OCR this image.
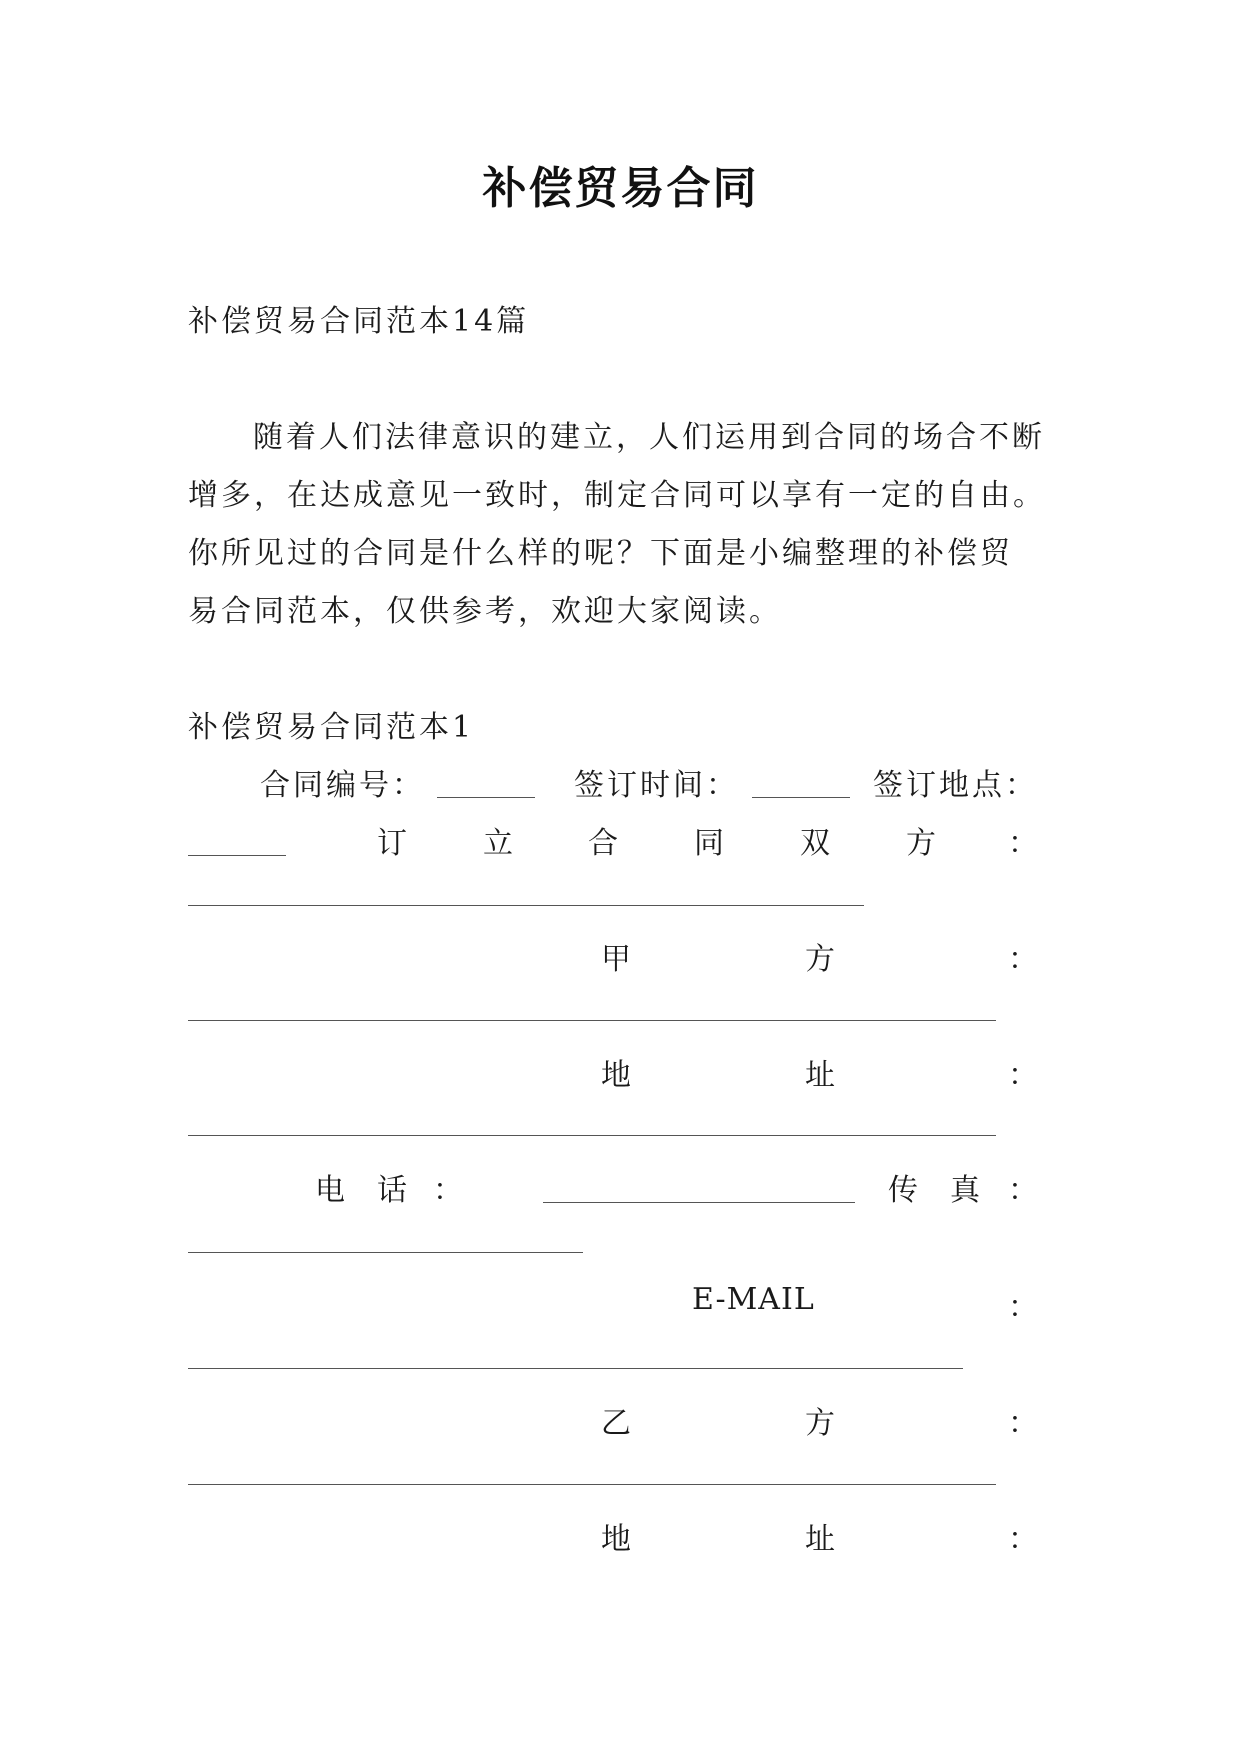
补偿贸易合同
补偿贸易合同范本14篇
随着人们法律意识的建立，人们运用到合同的场合不断
增多，在达成意见一致时，制定合同可以享有一定的自由。
你所见过的合同是什么样的呢？下面是小编整理的补偿贸
易合同范本，仅供参考，欢迎大家阅读。
补偿贸易合同范本1
合同编号：	签订时间：	签订地点：
订 立 合 同 双 方 ：
甲	方	：
地	址	：
电 话 ：	传 真 ：
E-MAIL	：
乙	方	：
地	址	：
